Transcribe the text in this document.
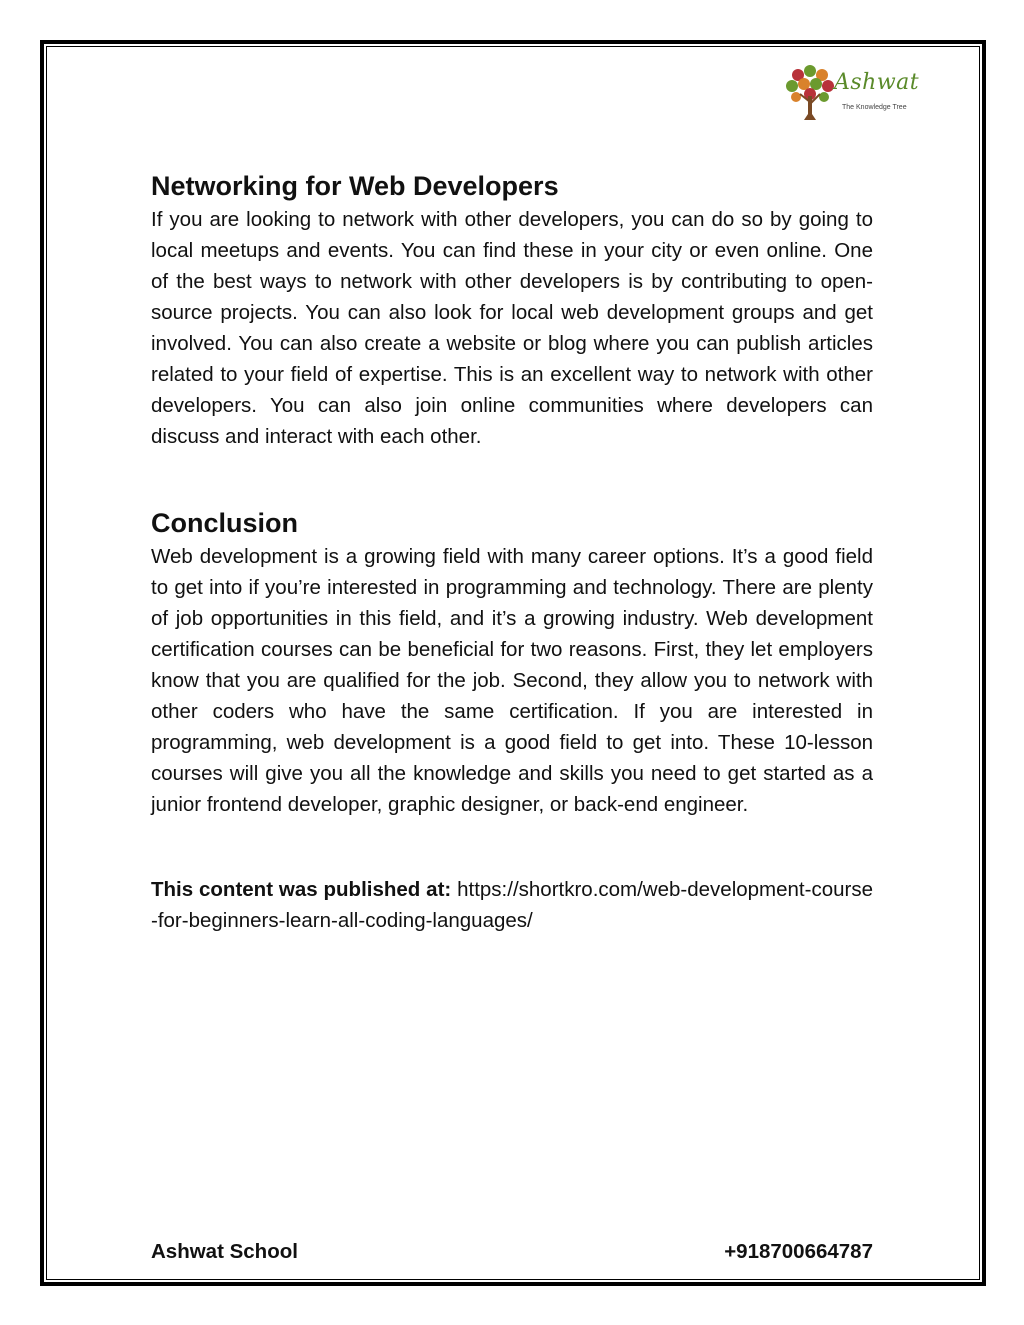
Ashwat
The Knowledge Tree
Networking for Web Developers

If you are looking to network with other developers, you can do so by going to local meetups and events. You can find these in your city or even online. One of the best ways to network with other developers is by contributing to open-source projects. You can also look for local web development groups and get involved. You can also create a website or blog where you can publish articles related to your field of expertise. This is an excellent way to network with other developers. You can also join online communities where developers can discuss and interact with each other.

Conclusion

Web development is a growing field with many career options. It’s a good field to get into if you’re interested in programming and technology. There are plenty of job opportunities in this field, and it’s a growing industry. Web development certification courses can be beneficial for two reasons. First, they let employers know that you are qualified for the job. Second, they allow you to network with other coders who have the same certification. If you are interested in programming, web development is a good field to get into. These 10-lesson courses will give you all the knowledge and skills you need to get started as a junior frontend developer, graphic designer, or back-end engineer.

This content was published at: https://shortkro.com/web-development-course-for-beginners-learn-all-coding-languages/

Ashwat School	+918700664787
